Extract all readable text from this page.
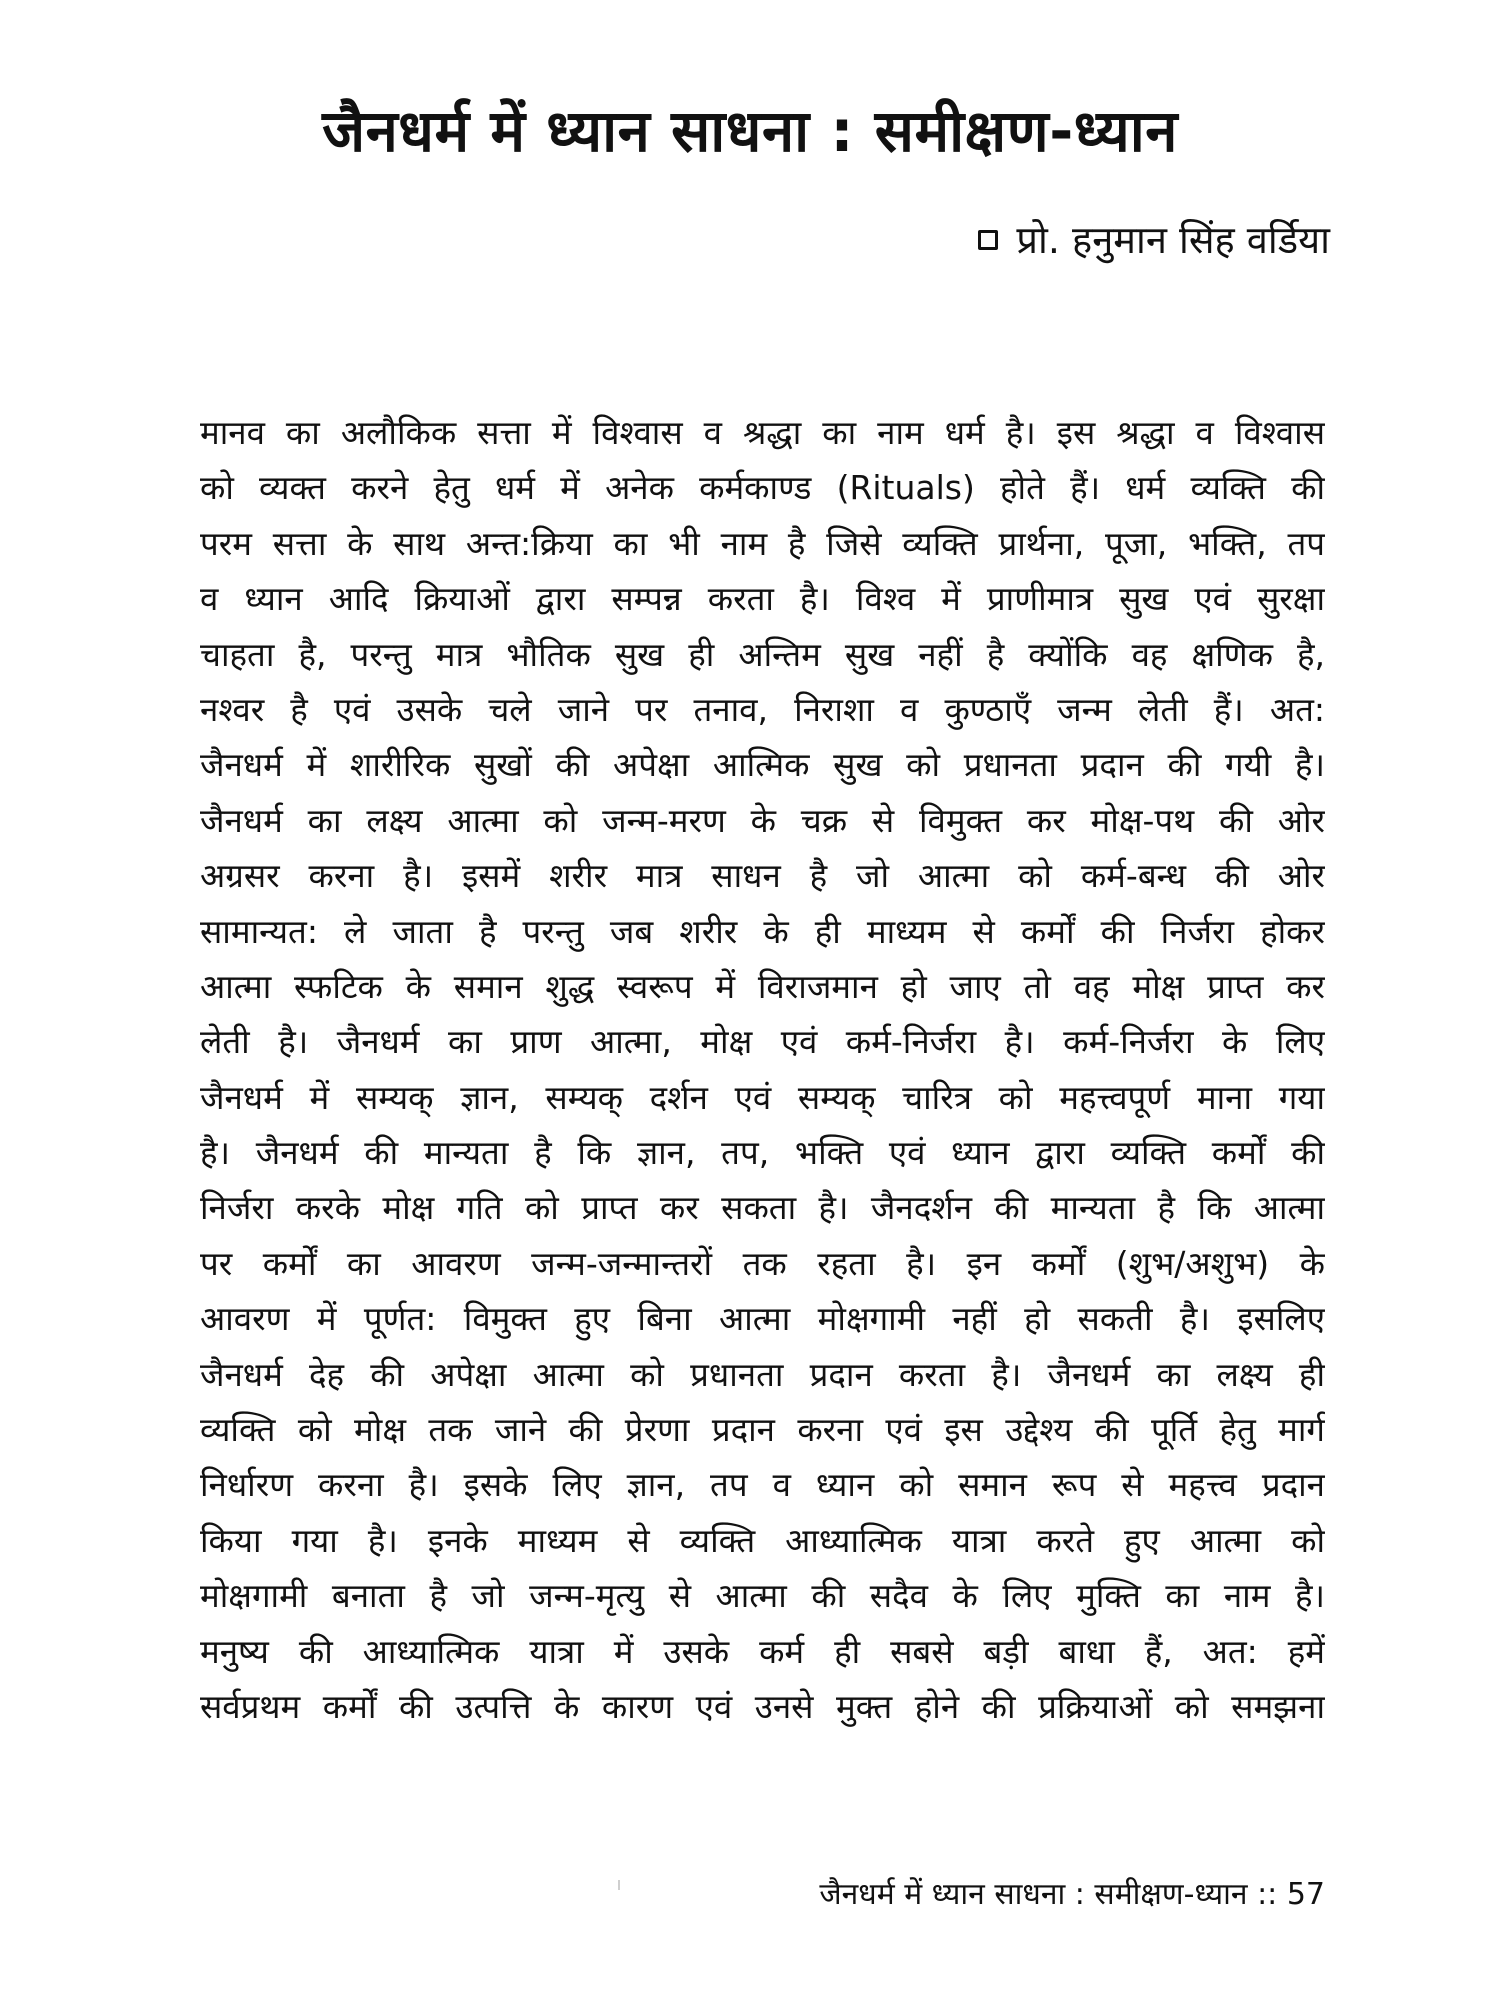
जैनधर्म में ध्यान साधना : समीक्षण-ध्यान
प्रो. हनुमान सिंह वर्डिया
मानव का अलौकिक सत्ता में विश्वास व श्रद्धा का नाम धर्म है। इस श्रद्धा व विश्वास
को व्यक्त करने हेतु धर्म में अनेक कर्मकाण्ड (Rituals) होते हैं। धर्म व्यक्ति की
परम सत्ता के साथ अन्त:क्रिया का भी नाम है जिसे व्यक्ति प्रार्थना, पूजा, भक्ति, तप
व ध्यान आदि क्रियाओं द्वारा सम्पन्न करता है। विश्व में प्राणीमात्र सुख एवं सुरक्षा
चाहता है, परन्तु मात्र भौतिक सुख ही अन्तिम सुख नहीं है क्योंकि वह क्षणिक है,
नश्वर है एवं उसके चले जाने पर तनाव, निराशा व कुण्ठाएँ जन्म लेती हैं। अत:
जैनधर्म में शारीरिक सुखों की अपेक्षा आत्मिक सुख को प्रधानता प्रदान की गयी है।
जैनधर्म का लक्ष्य आत्मा को जन्म-मरण के चक्र से विमुक्त कर मोक्ष-पथ की ओर
अग्रसर करना है। इसमें शरीर मात्र साधन है जो आत्मा को कर्म-बन्ध की ओर
सामान्यत: ले जाता है परन्तु जब शरीर के ही माध्यम से कर्मों की निर्जरा होकर
आत्मा स्फटिक के समान शुद्ध स्वरूप में विराजमान हो जाए तो वह मोक्ष प्राप्त कर
लेती है। जैनधर्म का प्राण आत्मा, मोक्ष एवं कर्म-निर्जरा है। कर्म-निर्जरा के लिए
जैनधर्म में सम्यक् ज्ञान, सम्यक् दर्शन एवं सम्यक् चारित्र को महत्त्वपूर्ण माना गया
है। जैनधर्म की मान्यता है कि ज्ञान, तप, भक्ति एवं ध्यान द्वारा व्यक्ति कर्मों की
निर्जरा करके मोक्ष गति को प्राप्त कर सकता है। जैनदर्शन की मान्यता है कि आत्मा
पर कर्मों का आवरण जन्म-जन्मान्तरों तक रहता है। इन कर्मों (शुभ/अशुभ) के
आवरण में पूर्णत: विमुक्त हुए बिना आत्मा मोक्षगामी नहीं हो सकती है। इसलिए
जैनधर्म देह की अपेक्षा आत्मा को प्रधानता प्रदान करता है। जैनधर्म का लक्ष्य ही
व्यक्ति को मोक्ष तक जाने की प्रेरणा प्रदान करना एवं इस उद्देश्य की पूर्ति हेतु मार्ग
निर्धारण करना है। इसके लिए ज्ञान, तप व ध्यान को समान रूप से महत्त्व प्रदान
किया गया है। इनके माध्यम से व्यक्ति आध्यात्मिक यात्रा करते हुए आत्मा को
मोक्षगामी बनाता है जो जन्म-मृत्यु से आत्मा की सदैव के लिए मुक्ति का नाम है।
मनुष्य की आध्यात्मिक यात्रा में उसके कर्म ही सबसे बड़ी बाधा हैं, अत: हमें
सर्वप्रथम कर्मों की उत्पत्ति के कारण एवं उनसे मुक्त होने की प्रक्रियाओं को समझना
जैनधर्म में ध्यान साधना : समीक्षण-ध्यान :: 57
